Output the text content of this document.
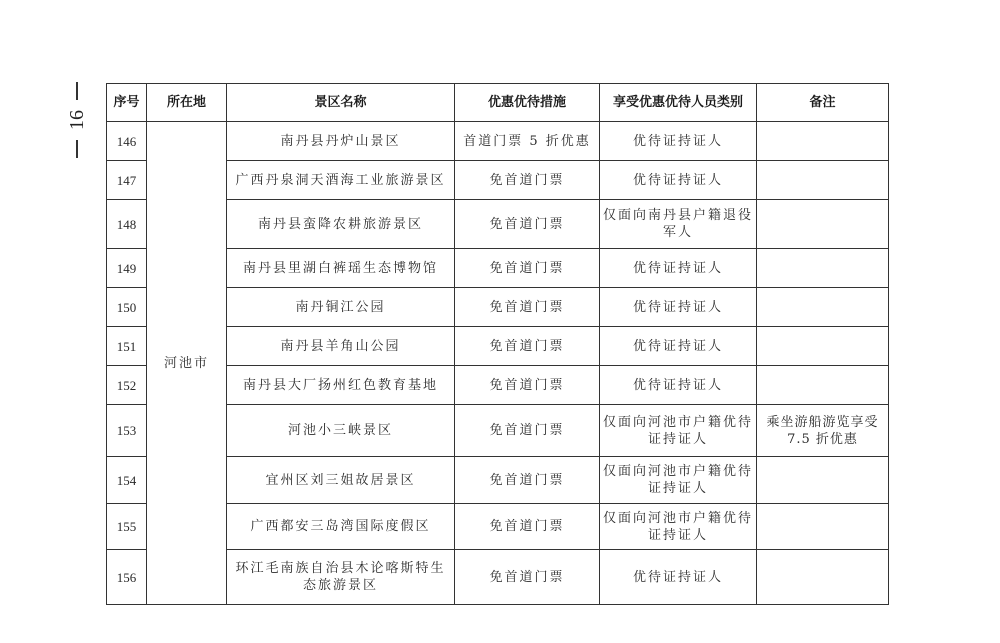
16
序号	所在地	景区名称	优惠优待措施	享受优惠优待人员类别	备注
146	河池市	南丹县丹炉山景区	首道门票 5 折优惠	优待证持证人	
147		广西丹泉洞天酒海工业旅游景区	免首道门票	优待证持证人	
148		南丹县蛮降农耕旅游景区	免首道门票	仅面向南丹县户籍退役军人	
149		南丹县里湖白裤瑶生态博物馆	免首道门票	优待证持证人	
150		南丹铜江公园	免首道门票	优待证持证人	
151		南丹县羊角山公园	免首道门票	优待证持证人	
152		南丹县大厂扬州红色教育基地	免首道门票	优待证持证人	
153		河池小三峡景区	免首道门票	仅面向河池市户籍优待证持证人	乘坐游船游览享受 7.5 折优惠
154		宜州区刘三姐故居景区	免首道门票	仅面向河池市户籍优待证持证人	
155		广西都安三岛湾国际度假区	免首道门票	仅面向河池市户籍优待证持证人	
156		环江毛南族自治县木论喀斯特生态旅游景区	免首道门票	优待证持证人	
